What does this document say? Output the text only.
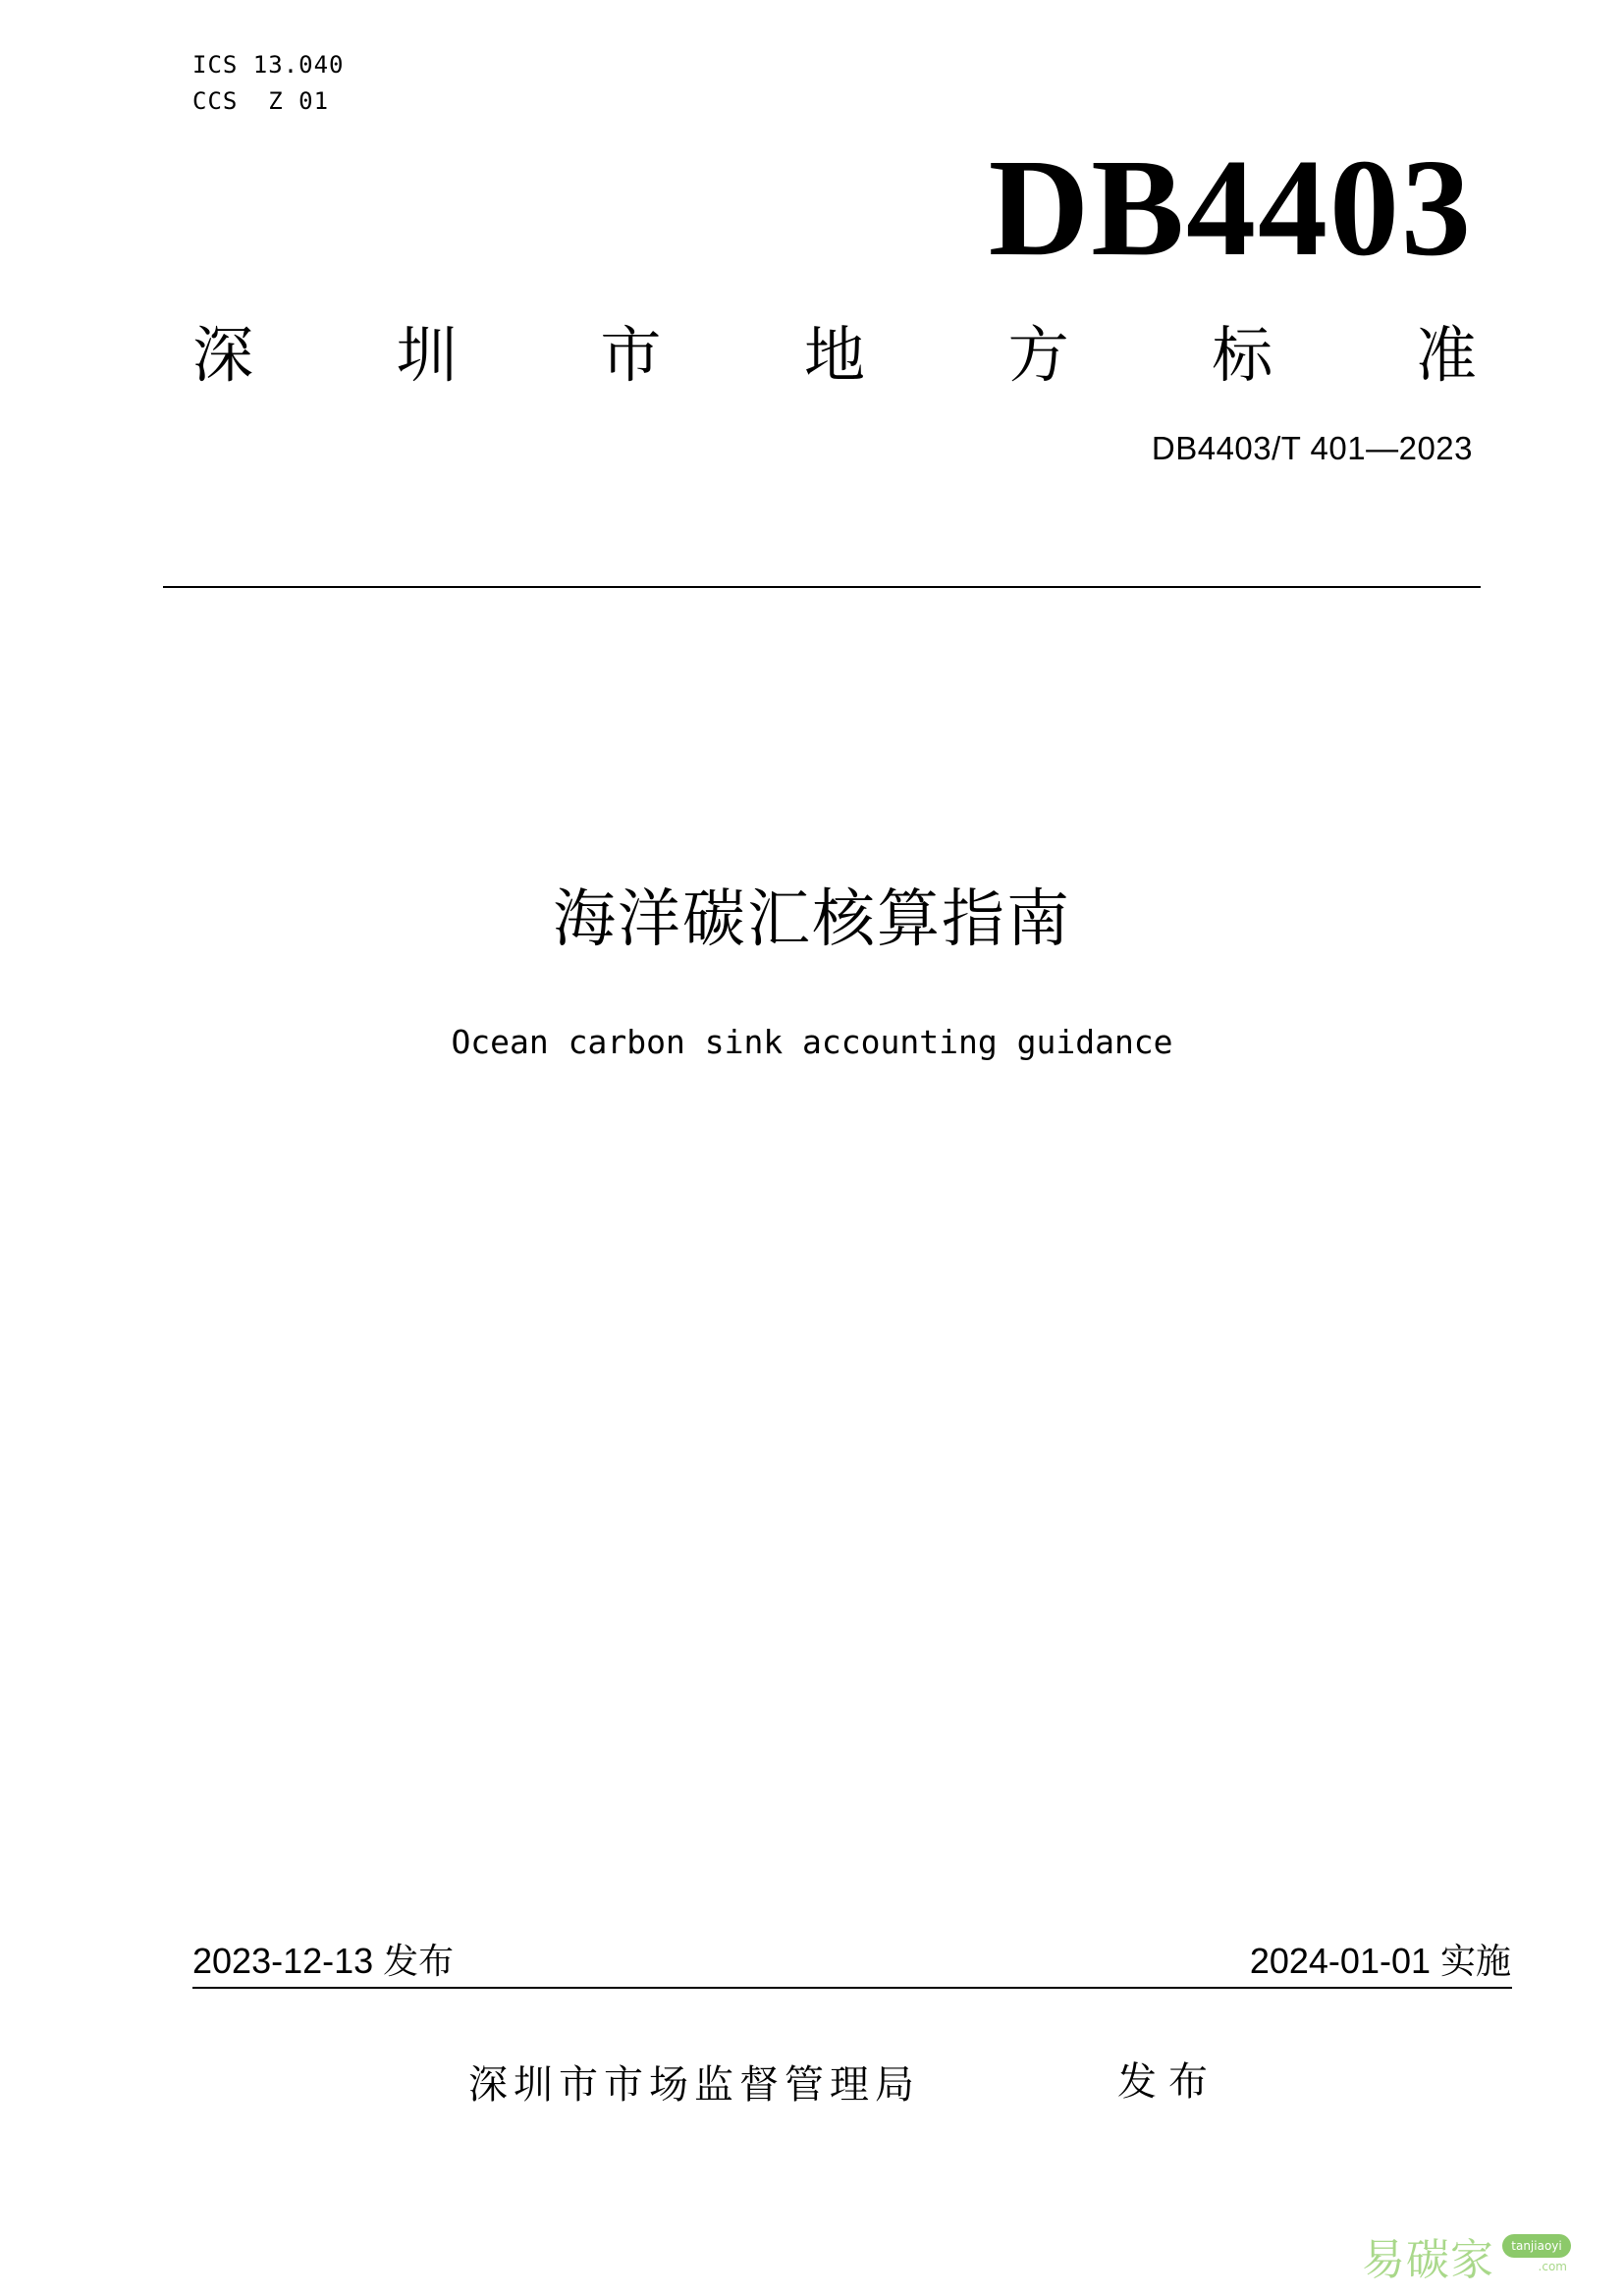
ICS 13.040
CCS  Z 01
DB4403
深 圳 市 地 方 标 准
DB4403/T 401—2023
海洋碳汇核算指南
Ocean carbon sink accounting guidance
2023-12-13 发布	2024-01-01 实施
深圳市市场监督管理局	发布
易碳家	tanjiaoyi
.com
